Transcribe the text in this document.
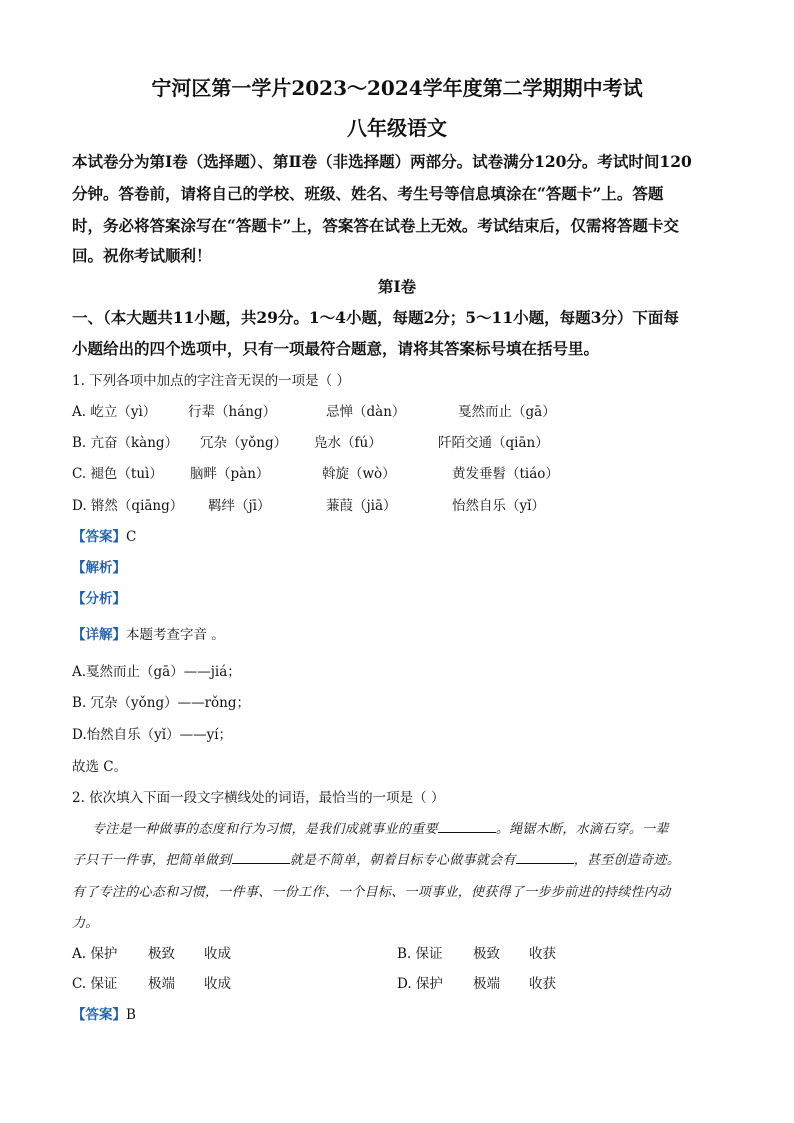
宁河区第一学片2023～2024学年度第二学期期中考试
八年级语文
本试卷分为第Ⅰ卷（选择题）、第Ⅱ卷（非选择题）两部分。试卷满分120分。考试时间120
分钟。答卷前，请将自己的学校、班级、姓名、考生号等信息填涂在“答题卡”上。答题
时，务必将答案涂写在“答题卡”上，答案答在试卷上无效。考试结束后，仅需将答题卡交
回。祝你考试顺利！
第Ⅰ卷
一、（本大题共11小题，共29分。1～4小题，每题2分；5～11小题，每题3分）下面每
小题给出的四个选项中，只有一项最符合题意，请将其答案标号填在括号里。
1. 下列各项中加点的字注音无误的一项是（ ）
A. 屹立（yì） 行辈（háng）	忌惮（dàn）	戛然而止（gā）
B. 亢奋（kàng） 冗杂（yǒng） 凫水（fú）	阡陌交通（qiān）
C. 褪色（tuì） 脑畔（pàn）	斡旋（wò）	黄发垂髫（tiáo）
D. 锵然（qiāng） 羁绊（jī）	蒹葭（jiā）	怡然自乐（yǐ）
【答案】C
【解析】
【分析】
【详解】本题考查字音 。
A.戛然而止（gā）——jiá；
B. 冗杂（yǒng）——rǒng；
D.怡然自乐（yǐ）——yí；
故选 C。
2. 依次填入下面一段文字横线处的词语，最恰当的一项是（ ）
专注是一种做事的态度和行为习惯，是我们成就事业的重要	。绳锯木断，水滴石穿。一辈
子只干一件事，把简单做到	就是不简单，朝着目标专心做事就会有	，甚至创造奇迹。
有了专注的心态和习惯，一件事、一份工作、一个目标、一项事业，使获得了一步步前进的持续性内动
力。
A. 保护 极致 收成	B. 保证 极致 收获
C. 保证 极端 收成	D. 保护 极端 收获
【答案】B
